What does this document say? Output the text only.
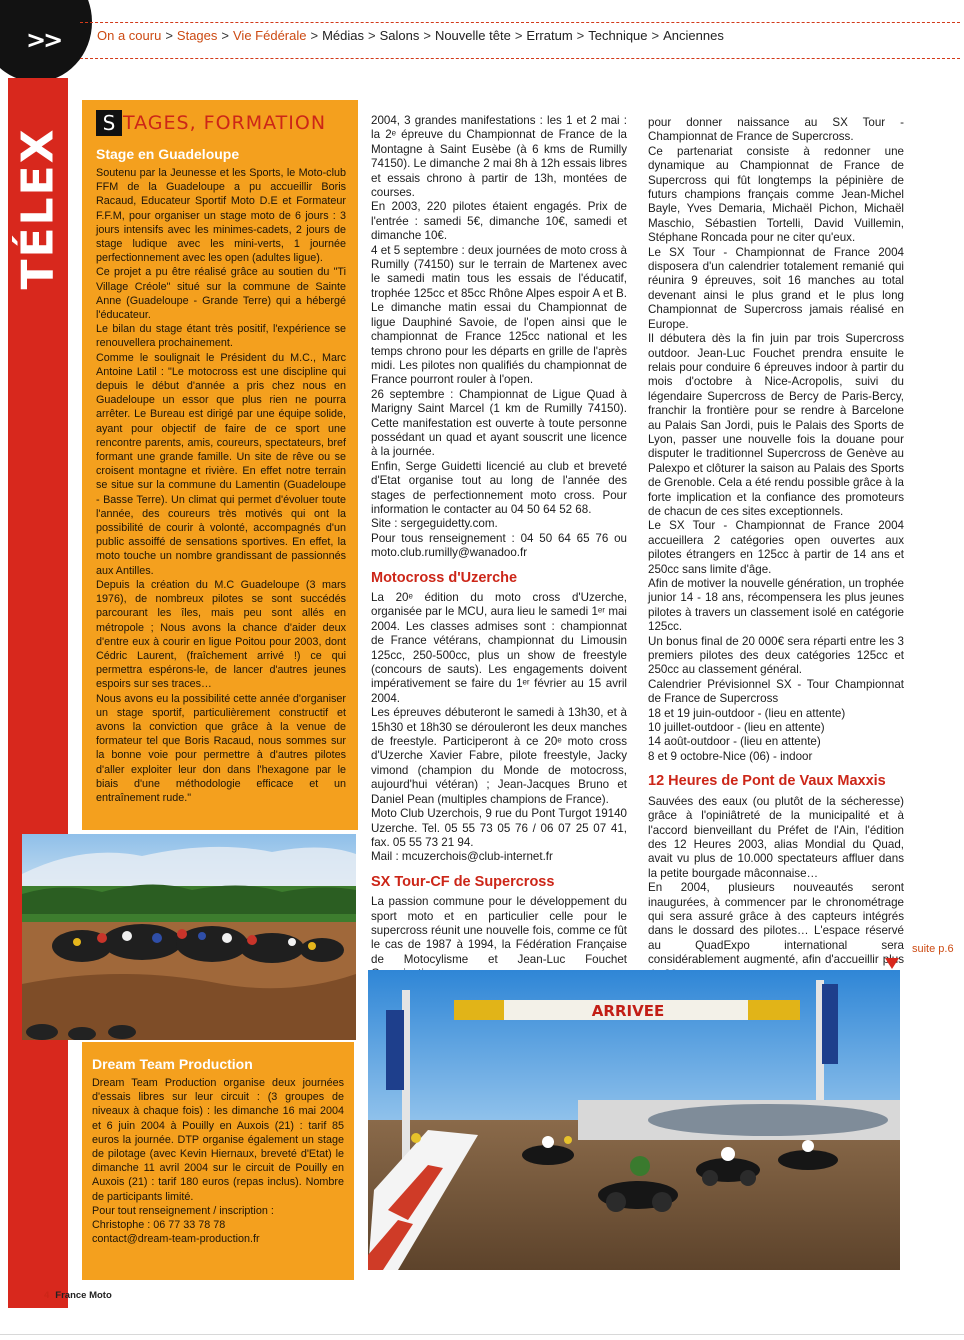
>>	On a couru > Stages > Vie Fédérale > Médias > Salons > Nouvelle tête > Erratum > Technique > Anciennes
TÉLEX
S TAGES, FORMATION
Stage en Guadeloupe
Soutenu par la Jeunesse et les Sports, le Moto-club FFM de la Guadeloupe a pu accueillir Boris Racaud, Educateur Sportif Moto D.E et Formateur F.F.M, pour organiser un stage moto de 6 jours : 3 jours intensifs avec les minimes-cadets, 2 jours de stage ludique avec les mini-verts, 1 journée perfectionnement avec les open (adultes ligue).
Ce projet a pu être réalisé grâce au soutien du "Ti Village Créole" situé sur la commune de Sainte Anne (Guadeloupe - Grande Terre) qui a hébergé l'éducateur.
Le bilan du stage étant très positif, l'expérience se renouvellera prochainement.
Comme le soulignait le Président du M.C., Marc Antoine Latil : "Le motocross est une discipline qui depuis le début d'année a pris chez nous en Guadeloupe un essor que plus rien ne pourra arrêter. Le Bureau est dirigé par une équipe solide, ayant pour objectif de faire de ce sport une rencontre parents, amis, coureurs, spectateurs, bref formant une grande famille. Un site de rêve ou se croisent montagne et rivière. En effet notre terrain se situe sur la commune du Lamentin (Guadeloupe - Basse Terre). Un climat qui permet d'évoluer toute l'année, des coureurs très motivés qui ont la possibilité de courir à volonté, accompagnés d'un public assoiffé de sensations sportives. En effet, la moto touche un nombre grandissant de passionnés aux Antilles.
Depuis la création du M.C Guadeloupe (3 mars 1976), de nombreux pilotes se sont succédés parcourant les îles, mais peu sont allés en métropole ; Nous avons la chance d'aider deux d'entre eux à courir en ligue Poitou pour 2003, dont Cédric Laurent, (fraîchement arrivé !) ce qui permettra espérons-le, de lancer d'autres jeunes espoirs sur ses traces…
Nous avons eu la possibilité cette année d'organiser un stage sportif, particulièrement constructif et avons la conviction que grâce à la venue de formateur tel que Boris Racaud, nous sommes sur la bonne voie pour permettre à d'autres pilotes d'aller exploiter leur don dans l'hexagone par le biais d'une méthodologie efficace et un entraînement rude."
Dream Team Production
Dream Team Production organise deux journées d'essais libres sur leur circuit : (3 groupes de niveaux à chaque fois) : les dimanche 16 mai 2004 et 6 juin 2004 à Pouilly en Auxois (21) : tarif 85 euros la journée. DTP organise également un stage de pilotage (avec Kevin Hiernaux, breveté d'Etat) le dimanche 11 avril 2004 sur le circuit de Pouilly en Auxois (21) : tarif 180 euros (repas inclus). Nombre de participants limité.
Pour tout renseignement / inscription :
Christophe : 06 77 33 78 78
contact@dream-team-production.fr

2004, 3 grandes manifestations : les 1 et 2 mai : la 2ᵉ épreuve du Championnat de France de la Montagne à Saint Eusèbe (à 6 kms de Rumilly 74150). Le dimanche 2 mai 8h à 12h essais libres et essais chrono à partir de 13h, montées de courses.

En 2003, 220 pilotes étaient engagés. Prix de l'entrée : samedi 5€, dimanche 10€, samedi et dimanche 10€.

4 et 5 septembre : deux journées de moto cross à Rumilly (74150) sur le terrain de Martenex avec le samedi matin tous les essais de l'éducatif, trophée 125cc et 85cc Rhône Alpes espoir A et B. Le dimanche matin essai du Championnat de ligue Dauphiné Savoie, de l'open ainsi que le championnat de France 125cc national et les temps chrono pour les départs en grille de l'après midi. Les pilotes non qualifiés du championnat de France pourront rouler à l'open.

26 septembre : Championnat de Ligue Quad à Marigny Saint Marcel (1 km de Rumilly 74150). Cette manifestation est ouverte à toute personne possédant un quad et ayant souscrit une licence à la journée.

Enfin, Serge Guidetti licencié au club et breveté d'Etat organise tout au long de l'année des stages de perfectionnement moto cross. Pour information le contacter au 04 50 64 52 68.

Site : sergeguidetty.com.

Pour tous renseignement : 04 50 64 65 76 ou moto.club.rumilly@wanadoo.fr

Motocross d'Uzerche

La 20ᵉ édition du moto cross d'Uzerche, organisée par le MCU, aura lieu le samedi 1ᵉʳ mai 2004. Les classes admises sont : championnat de France vétérans, championnat du Limousin 125cc, 250-500cc, plus un show de freestyle (concours de sauts). Les engagements doivent impérativement se faire du 1ᵉʳ février au 15 avril 2004.

Les épreuves débuteront le samedi à 13h30, et à 15h30 et 18h30 se dérouleront les deux manches de freestyle. Participeront à ce 20ᵉ moto cross d'Uzerche Xavier Fabre, pilote freestyle, Jacky vimond (champion du Monde de motocross, aujourd'hui vétéran) ; Jean-Jacques Bruno et Daniel Pean (multiples champions de France).

Moto Club Uzerchois, 9 rue du Pont Turgot 19140 Uzerche. Tel. 05 55 73 05 76 / 06 07 25 07 41, fax. 05 55 73 21 94.

Mail : mcuzerchois@club-internet.fr

SX Tour-CF de Supercross

La passion commune pour le développement du sport moto et en particulier celle pour le supercross réunit une nouvelle fois, comme ce fût le cas de 1987 à 1994, la Fédération Française de Motocylisme et Jean-Luc Fouchet

pour donner naissance au SX Tour - Championnat de France de Supercross.

Ce partenariat consiste à redonner une dynamique au Championnat de France de Supercross qui fût longtemps la pépinière de futurs champions français comme Jean-Michel Bayle, Yves Demaria, Michaël Pichon, Michaël Maschio, Sébastien Tortelli, David Vuillemin, Stéphane Roncada pour ne citer qu'eux.

Le SX Tour - Championnat de France 2004 disposera d'un calendrier totalement remanié qui réunira 9 épreuves, soit 16 manches au total devenant ainsi le plus grand et le plus long Championnat de Supercross jamais réalisé en Europe.

Il débutera dès la fin juin par trois Supercross outdoor. Jean-Luc Fouchet prendra ensuite le relais pour conduire 6 épreuves indoor à partir du mois d'octobre à Nice-Acropolis, suivi du légendaire Supercross de Bercy de Paris-Bercy, franchir la frontière pour se rendre à Barcelone au Palais San Jordi, puis le Palais des Sports de Lyon, passer une nouvelle fois la douane pour disputer le traditionnel Supercross de Genève au Palexpo et clôturer la saison au Palais des Sports de Grenoble. Cela a été rendu possible grâce à la forte implication et la confiance des promoteurs de chacun de ces sites exceptionnels.

Le SX Tour - Championnat de France 2004 accueillera 2 catégories open ouvertes aux pilotes étrangers en 125cc à partir de 14 ans et 250cc sans limite d'âge.

Afin de motiver la nouvelle génération, un trophée junior 14 - 18 ans, récompensera les plus jeunes pilotes à travers un classement isolé en catégorie 125cc.

Un bonus final de 20 000€ sera réparti entre les 3 premiers pilotes des deux catégories 125cc et 250cc au classement général.

Calendrier Prévisionnel SX - Tour Championnat de France de Supercross

18 et 19 juin-outdoor - (lieu en attente)

10 juillet-outdoor - (lieu en attente)

14 août-outdoor - (lieu en attente)

8 et 9 octobre-Nice (06) - indoor

12 Heures de Pont de Vaux Maxxis

Sauvées des eaux (ou plutôt de la sécheresse) grâce à l'opiniâtreté de la municipalité et à l'accord bienveillant du Préfet de l'Ain, l'édition des 12 Heures 2003, alias Mondial du Quad, avait vu plus de 10.000 spectateurs affluer dans la petite bourgade mâconnaise…

En 2004, plusieurs nouveautés seront inaugurées, à commencer par le chronométrage qui sera assuré grâce à des capteurs intégrés dans le dossard des pilotes… L'espace réservé au QuadExpo international sera considérablement augmenté, afin d'accueillir plus

suite p.6
ARRIVEE
4 France Moto
